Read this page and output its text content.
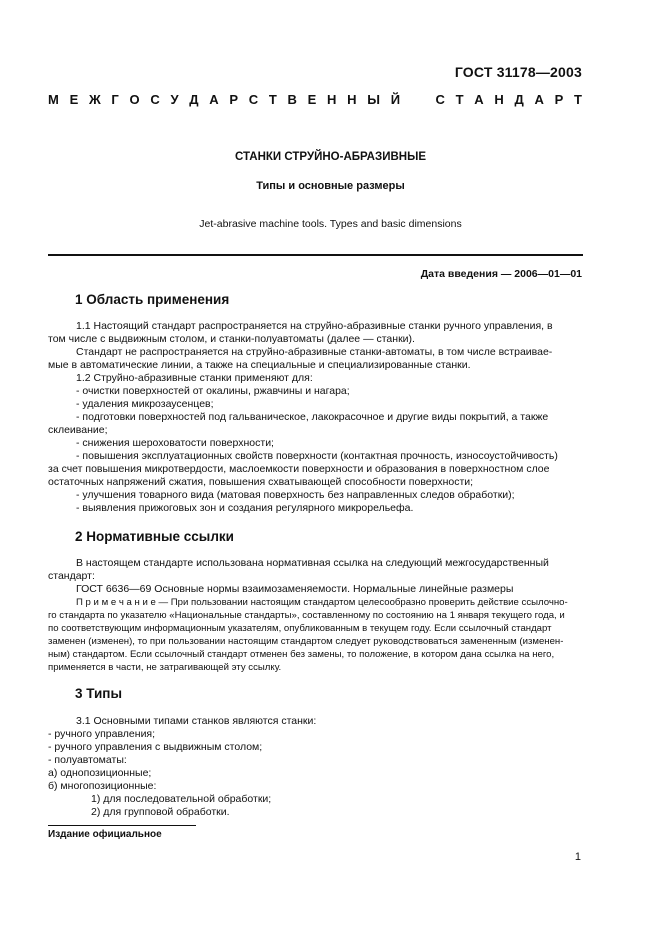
ГОСТ 31178—2003
М Е Ж Г О С У Д А Р С Т В Е Н Н Ы Й	С Т А Н Д А Р Т
СТАНКИ СТРУЙНО-АБРАЗИВНЫЕ
Типы и основные размеры
Jet-abrasive machine tools. Types and basic dimensions
Дата введения — 2006—01—01
1 Область применения
1.1 Настоящий стандарт распространяется на струйно-абразивные станки ручного управления, в
том числе с выдвижным столом, и станки-полуавтоматы (далее — станки).
Стандарт не распространяется на струйно-абразивные станки-автоматы, в том числе встраивае-
мые в автоматические линии, а также на специальные и специализированные станки.
1.2 Струйно-абразивные станки применяют для:
- очистки поверхностей от окалины, ржавчины и нагара;
- удаления микрозаусенцев;
- подготовки поверхностей под гальваническое, лакокрасочное и другие виды покрытий, а также
склеивание;
- снижения шероховатости поверхности;
- повышения эксплуатационных свойств поверхности (контактная прочность, износоустойчивость)
за счет повышения микротвердости, маслоемкости поверхности и образования в поверхностном слое
остаточных напряжений сжатия, повышения схватывающей способности поверхности;
- улучшения товарного вида (матовая поверхность без направленных следов обработки);
- выявления прижоговых зон и создания регулярного микрорельефа.
2 Нормативные ссылки
В настоящем стандарте использована нормативная ссылка на следующий межгосударственный
стандарт:
ГОСТ 6636—69 Основные нормы взаимозаменяемости. Нормальные линейные размеры
П р и м е ч а н и е — При пользовании настоящим стандартом целесообразно проверить действие ссылочно-
го стандарта по указателю «Национальные стандарты», составленному по состоянию на 1 января текущего года, и
по соответствующим информационным указателям, опубликованным в текущем году. Если ссылочный стандарт
заменен (изменен), то при пользовании настоящим стандартом следует руководствоваться замененным (изменен-
ным) стандартом. Если ссылочный стандарт отменен без замены, то положение, в котором дана ссылка на него,
применяется в части, не затрагивающей эту ссылку.
3 Типы
3.1 Основными типами станков являются станки:
- ручного управления;
- ручного управления с выдвижным столом;
- полуавтоматы:
а) однопозиционные;
б) многопозиционные:
1) для последовательной обработки;
2) для групповой обработки.
Издание официальное
1
